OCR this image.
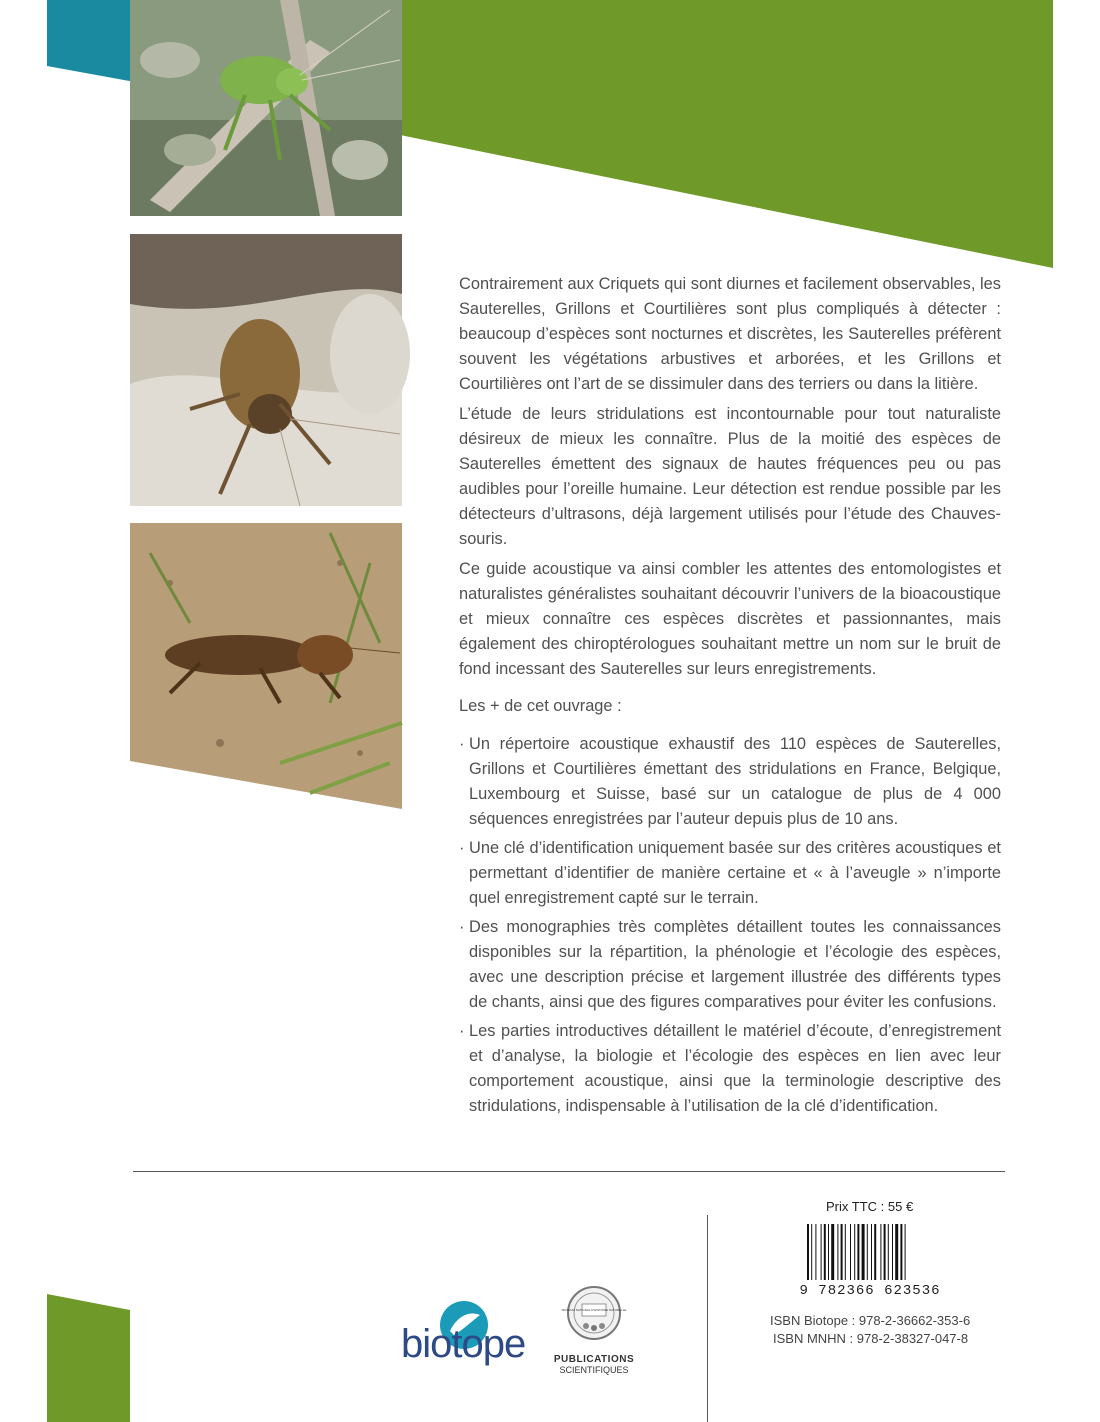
Contrairement aux Criquets qui sont diurnes et facilement observables, les Sauterelles, Grillons et Courtilières sont plus compliqués à détecter : beaucoup d’espèces sont nocturnes et discrètes, les Sauterelles préfèrent souvent les végétations arbustives et arborées, et les Grillons et Courtilières ont l’art de se dissimuler dans des terriers ou dans la litière.

L’étude de leurs stridulations est incontournable pour tout naturaliste désireux de mieux les connaître. Plus de la moitié des espèces de Sauterelles émettent des signaux de hautes fréquences peu ou pas audibles pour l’oreille humaine. Leur détection est rendue possible par les détecteurs d’ultrasons, déjà largement utilisés pour l’étude des Chauves-souris.

Ce guide acoustique va ainsi combler les attentes des entomologistes et naturalistes généralistes souhaitant découvrir l’univers de la bioacoustique et mieux connaître ces espèces discrètes et passionnantes, mais également des chiroptérologues souhaitant mettre un nom sur le bruit de fond incessant des Sauterelles sur leurs enregistrements.

Les + de cet ouvrage :

· Un répertoire acoustique exhaustif des 110 espèces de Sauterelles, Grillons et Courtilières émettant des stridulations en France, Belgique, Luxembourg et Suisse, basé sur un catalogue de plus de 4 000 séquences enregistrées par l’auteur depuis plus de 10 ans.
· Une clé d’identification uniquement basée sur des critères acoustiques et permettant d’identifier de manière certaine et « à l’aveugle » n’importe quel enregistrement capté sur le terrain.
· Des monographies très complètes détaillent toutes les connaissances disponibles sur la répartition, la phénologie et l’écologie des espèces, avec une description précise et largement illustrée des différents types de chants, ainsi que des figures comparatives pour éviter les confusions.
· Les parties introductives détaillent le matériel d’écoute, d’enregistrement et d’analyse, la biologie et l’écologie des espèces en lien avec leur comportement acoustique, ainsi que la terminologie descriptive des stridulations, indispensable à l’utilisation de la clé d’identification.
biotope
MUSÉUM NATIONAL D'HISTOIRE NATURELLE
PUBLICATIONS
SCIENTIFIQUES
Prix TTC : 55 €
9 782366 623536
ISBN Biotope : 978-2-36662-353-6
ISBN MNHN : 978-2-38327-047-8
